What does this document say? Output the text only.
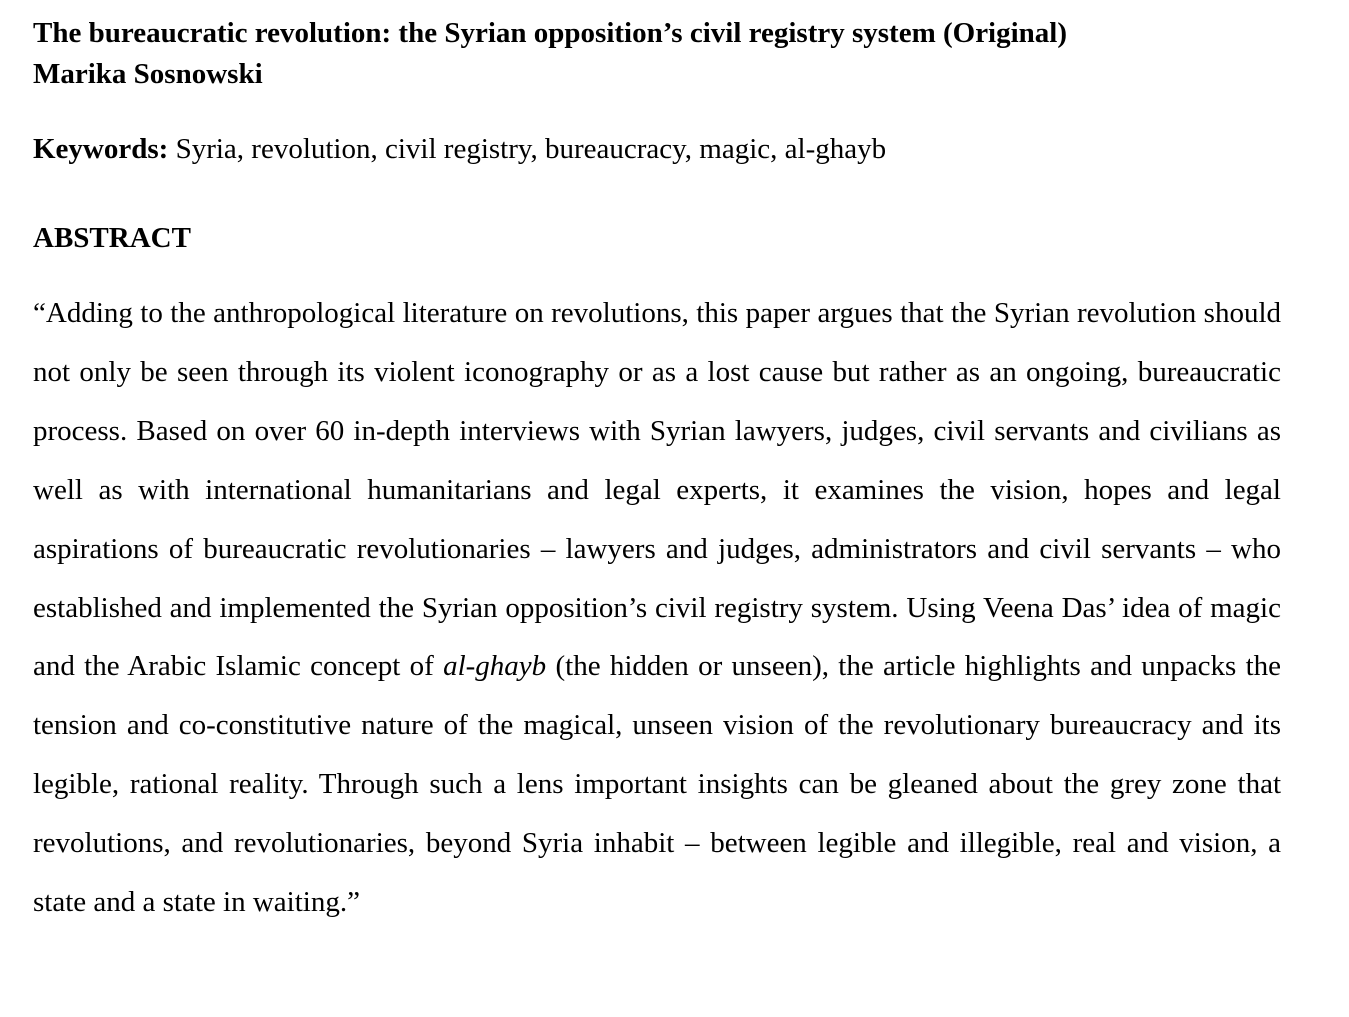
The bureaucratic revolution: the Syrian opposition’s civil registry system (Original)
Marika Sosnowski
Keywords: Syria, revolution, civil registry, bureaucracy, magic, al-ghayb
ABSTRACT

“Adding to the anthropological literature on revolutions, this paper argues that the Syrian revolution should not only be seen through its violent iconography or as a lost cause but rather as an ongoing, bureaucratic process. Based on over 60 in-depth interviews with Syrian lawyers, judges, civil servants and civilians as well as with international humanitarians and legal experts, it examines the vision, hopes and legal aspirations of bureaucratic revolutionaries – lawyers and judges, administrators and civil servants – who established and implemented the Syrian opposition’s civil registry system. Using Veena Das’ idea of magic and the Arabic Islamic concept of al-ghayb (the hidden or unseen), the article highlights and unpacks the tension and co-constitutive nature of the magical, unseen vision of the revolutionary bureaucracy and its legible, rational reality. Through such a lens important insights can be gleaned about the grey zone that revolutions, and revolutionaries, beyond Syria inhabit – between legible and illegible, real and vision, a state and a state in waiting.”
